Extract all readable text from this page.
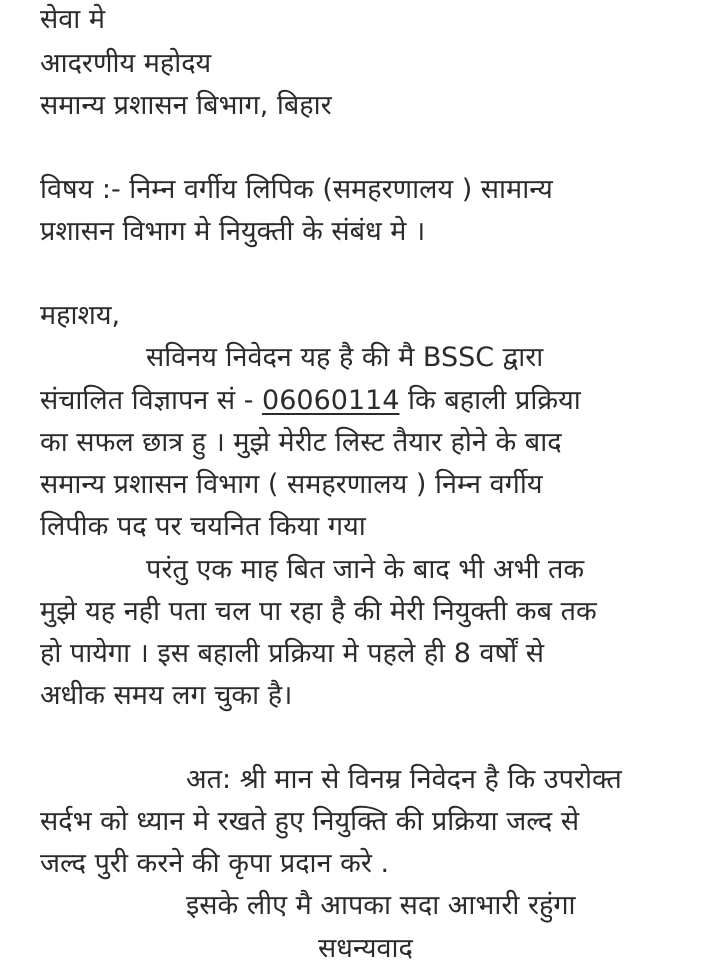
सेवा मे
आदरणीय महोदय
समान्य प्रशासन बिभाग, बिहार
विषय :- निम्न वर्गीय लिपिक (समहरणालय ) सामान्य
प्रशासन विभाग मे नियुक्ती के संबंध मे ।
महाशय,
सविनय निवेदन यह है की मै BSSC द्वारा
संचालित विज्ञापन सं - 06060114 कि बहाली प्रक्रिया
का सफल छात्र हु । मुझे मेरीट लिस्ट तैयार होने के बाद
समान्य प्रशासन विभाग ( समहरणालय ) निम्न वर्गीय
लिपीक पद पर चयनित किया गया
परंतु एक माह बित जाने के बाद भी अभी तक
मुझे यह नही पता चल पा रहा है की मेरी नियुक्ती कब तक
हो पायेगा । इस बहाली प्रक्रिया मे पहले ही 8 वर्षों से
अधीक समय लग चुका है।
अत: श्री मान से विनम्र निवेदन है कि उपरोक्त
सर्दभ को ध्यान मे रखते हुए नियुक्ति की प्रक्रिया जल्द से
जल्द पुरी करने की कृपा प्रदान करे .
इसके लीए मै आपका सदा आभारी रहुंगा
सधन्यवाद
